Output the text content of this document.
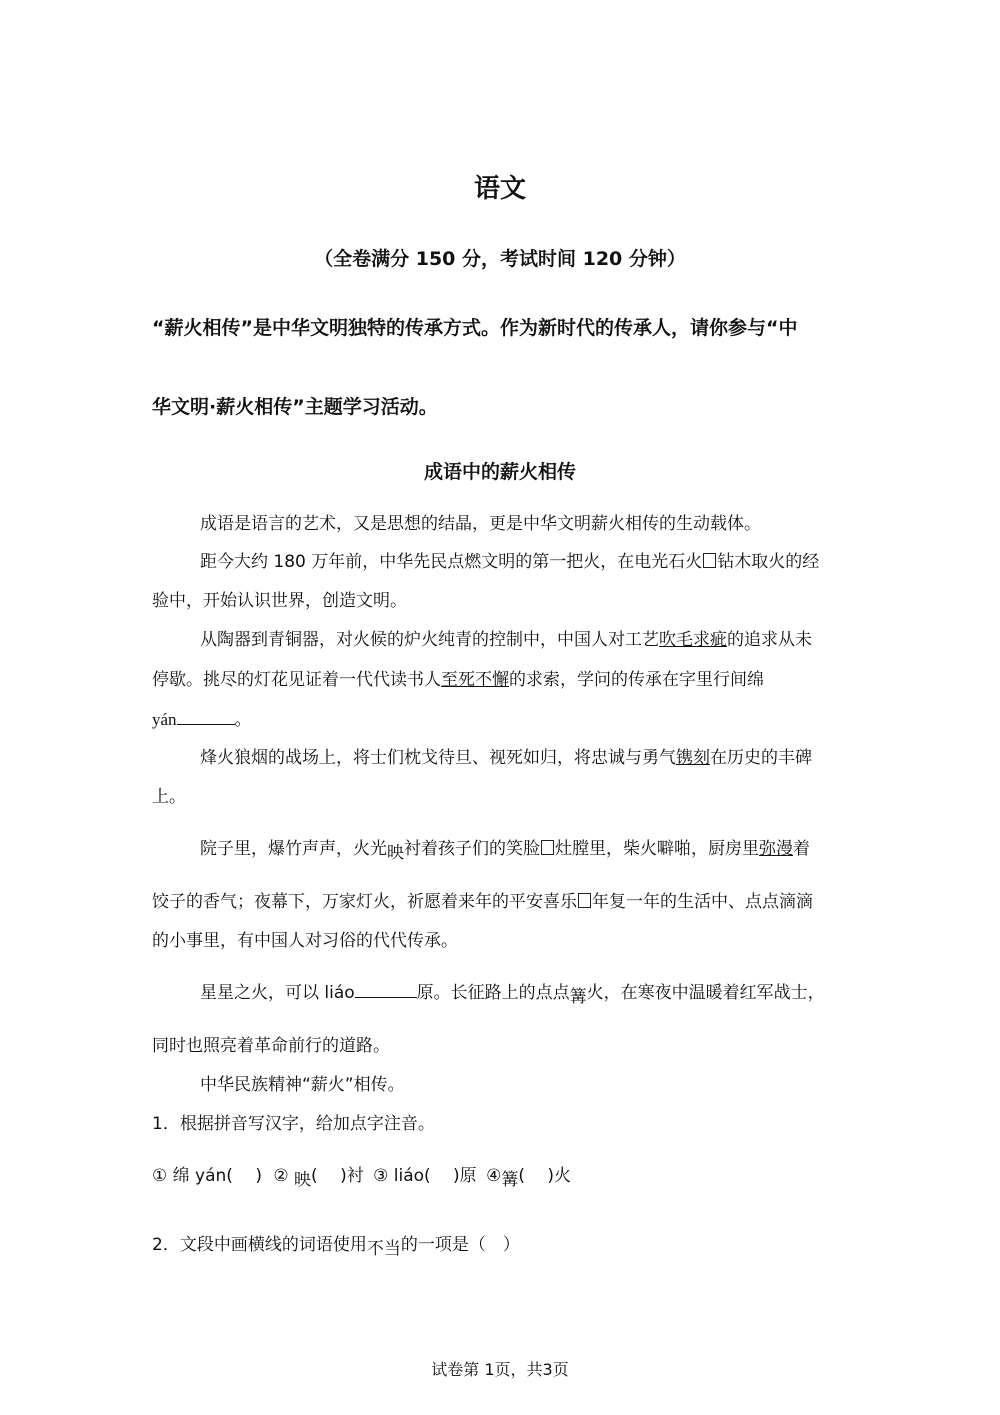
语文
（全卷满分 150 分，考试时间 120 分钟）
“薪火相传”是中华文明独特的传承方式。作为新时代的传承人，请你参与“中
华文明·薪火相传”主题学习活动。
成语中的薪火相传
成语是语言的艺术，又是思想的结晶，更是中华文明薪火相传的生动载体。
距今大约 180 万年前，中华先民点燃文明的第一把火，在电光石火 钻木取火的经
验中，开始认识世界，创造文明。
从陶器到青铜器，对火候的炉火纯青的控制中，中国人对工艺吹毛求疵的追求从未
停歇。挑尽的灯花见证着一代代读书人至死不懈的求索，学问的传承在字里行间绵
yán	。
烽火狼烟的战场上，将士们枕戈待旦、视死如归，将忠诚与勇气镌刻在历史的丰碑
上。
院子里，爆竹声声，火光映衬着孩子们的笑脸 灶膛里，柴火噼啪，厨房里弥漫着
饺子的香气；夜幕下，万家灯火，祈愿着来年的平安喜乐 年复一年的生活中、点点滴滴
的小事里，有中国人对习俗的代代传承。
星星之火，可以 liáo	原。长征路上的点点篝火，在寒夜中温暖着红军战士，
同时也照亮着革命前行的道路。
中华民族精神“薪火”相传。
1．根据拼音写汉字，给加点字注音。
① 绵 yán(　 ) ② 映(　 )衬 ③ liáo(　 )原 ④篝(　 )火
2．文段中画横线的词语使用不当的一项是（　）
试卷第 1页，共3页
